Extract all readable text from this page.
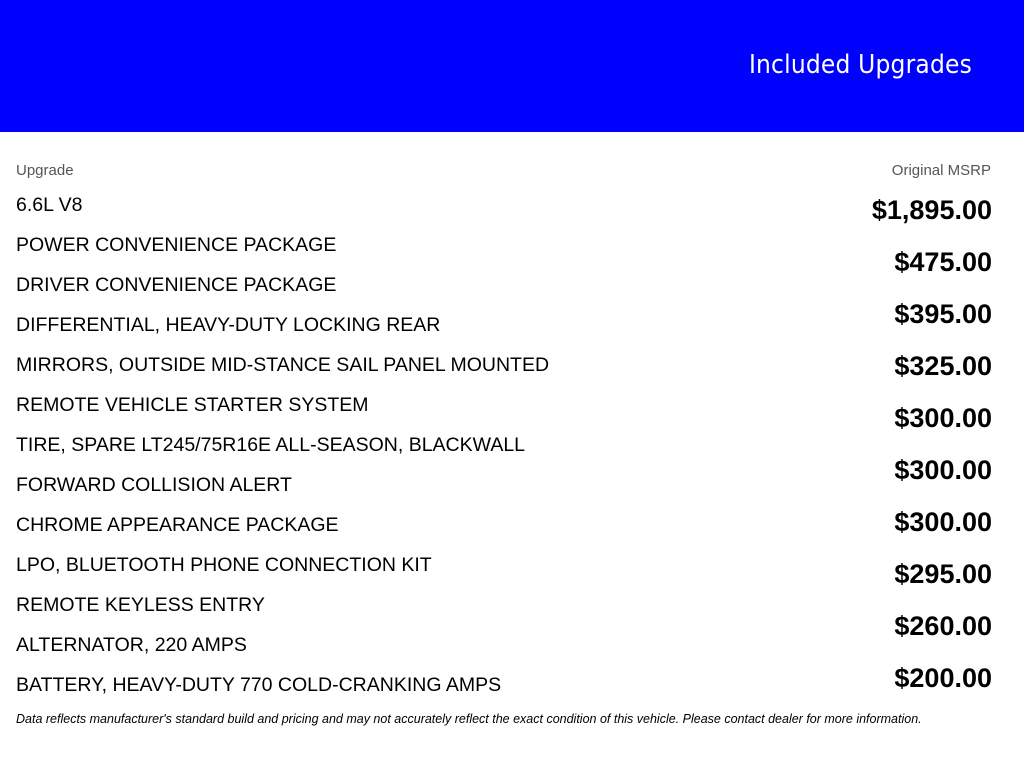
Included Upgrades
Upgrade	Original MSRP
6.6L V8
POWER CONVENIENCE PACKAGE
DRIVER CONVENIENCE PACKAGE
DIFFERENTIAL, HEAVY-DUTY LOCKING REAR
MIRRORS, OUTSIDE MID-STANCE SAIL PANEL MOUNTED
REMOTE VEHICLE STARTER SYSTEM
TIRE, SPARE LT245/75R16E ALL-SEASON, BLACKWALL
FORWARD COLLISION ALERT
CHROME APPEARANCE PACKAGE
LPO, BLUETOOTH PHONE CONNECTION KIT
REMOTE KEYLESS ENTRY
ALTERNATOR, 220 AMPS
BATTERY, HEAVY-DUTY 770 COLD-CRANKING AMPS
$1,895.00
$475.00
$395.00
$325.00
$300.00
$300.00
$300.00
$295.00
$260.00
$200.00
Data reflects manufacturer's standard build and pricing and may not accurately reflect the exact condition of this vehicle. Please contact dealer for more information.
